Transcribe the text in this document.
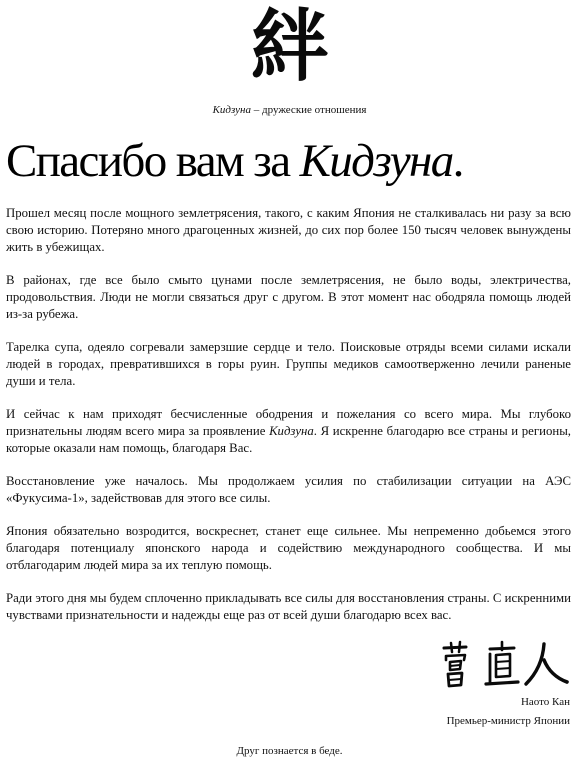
絆
Кидзуна – дружеские отношения
Спасибо вам за Кидзуна.

Прошел месяц после мощного землетрясения, такого, с каким Япония не сталкивалась ни разу за всю свою историю. Потеряно много драгоценных жизней, до сих пор более 150 тысяч человек вынуждены жить в убежищах.

В районах, где все было смыто цунами после землетрясения, не было воды, электричества, продовольствия. Люди не могли связаться друг с другом. В этот момент нас ободряла помощь людей из-за рубежа.

Тарелка супа, одеяло согревали замерзшие сердце и тело. Поисковые отряды всеми силами искали людей в городах, превратившихся в горы руин. Группы медиков самоотверженно лечили раненые души и тела.

И сейчас к нам приходят бесчисленные ободрения и пожелания со всего мира. Мы глубоко признательны людям всего мира за проявление Кидзуна. Я искренне благодарю все страны и регионы, которые оказали нам помощь, благодаря Вас.

Восстановление уже началось. Мы продолжаем усилия по стабилизации ситуации на АЭС «Фукусима-1», задействовав для этого все силы.

Япония обязательно возродится, воскреснет, станет еще сильнее. Мы непременно добьемся этого благодаря потенциалу японского народа и содействию международного сообщества. И мы отблагодарим людей мира за их теплую помощь.

Ради этого дня мы будем сплоченно прикладывать все силы для восстановления страны. С искренними чувствами признательности и надежды еще раз от всей души благодарю всех вас.

Наото Кан
Премьер-министр Японии
Друг познается в беде.
